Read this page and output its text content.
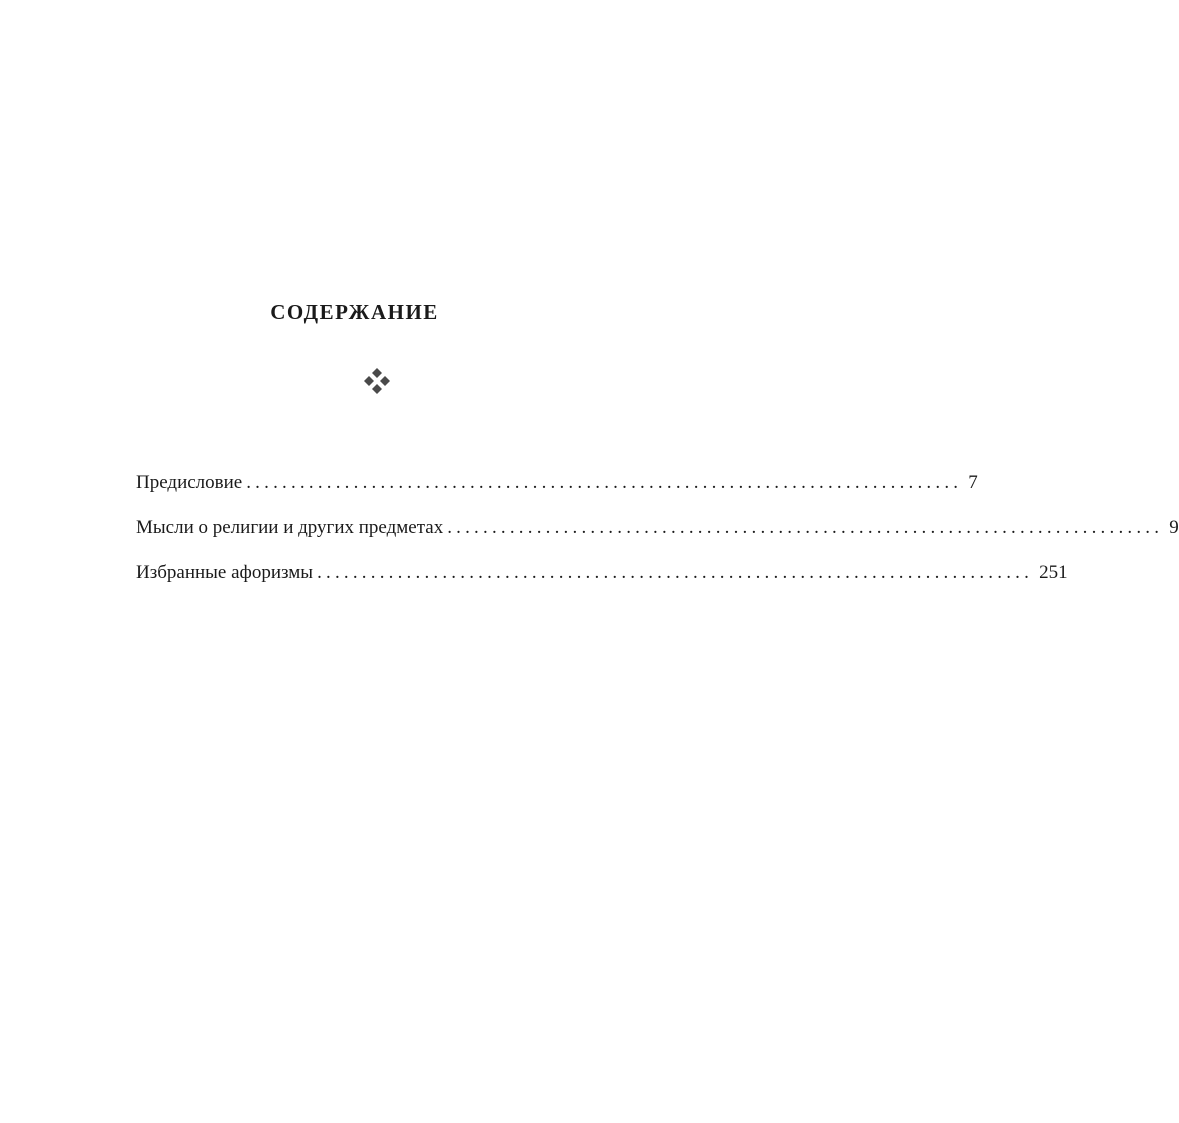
СОДЕРЖАНИЕ
Предисловие ................................................................................ 7
Мысли о религии и других предметах ................................................................................ 9
Избранные афоризмы ................................................................................ 251
